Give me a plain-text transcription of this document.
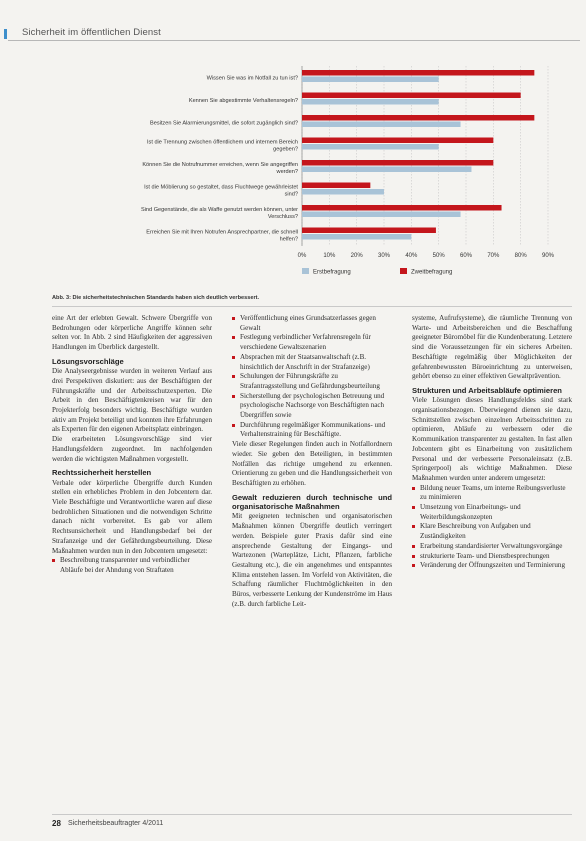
Sicherheit im öffentlichen Dienst
Wissen Sie was im Notfall zu tun ist?
Kennen Sie abgestimmte Verhaltensregeln?
Besitzen Sie Alarmierungsmittel, die sofort zugänglich sind?
Ist die Trennung zwischen öffentlichem und internem Bereich gegeben?
Können Sie die Notrufnummer erreichen, wenn Sie angegriffen werden?
Ist die Möblierung so gestaltet, dass Fluchtwege gewährleistet sind?
Sind Gegenstände, die als Waffe genutzt werden können, unter Verschluss?
Erreichen Sie mit Ihren Notrufen Ansprechpartner, die schnell helfen?
0%	10%	20%	30%	40%	50%	60%	70%	80%	90%
Erstbefragung	Zweitbefragung
Abb. 3: Die sicherheitstechnischen Standards haben sich deutlich verbessert.

eine Art der erlebten Gewalt. Schwere Übergriffe von Bedrohungen oder körperliche Angriffe können sehr selten vor. In Abb. 2 sind Häufigkeiten der aggressiven Handlungen im Überblick dargestellt.

Lösungsvorschläge

Die Analyseergebnisse wurden in weiteren Verlauf aus drei Perspektiven diskutiert: aus der Beschäftigten der Führungskräfte und der Arbeitsschutzexperten. Die Arbeit in den Beschäftigtenkreisen war für den Projekterfolg besonders wichtig. Beschäftigte wurden aktiv am Projekt beteiligt und konnten ihre Erfahrungen als Experten für den eigenen Arbeitsplatz einbringen.

Die erarbeiteten Lösungsvorschläge sind vier Handlungsfeldern zugeordnet. Im nachfolgenden werden die wichtigsten Maßnahmen vorgestellt.

Rechtssicherheit herstellen

Verbale oder körperliche Übergriffe durch Kunden stellen ein erhebliches Problem in den Jobcentern dar. Viele Beschäftigte und Verantwortliche waren auf diese bedrohlichen Situationen und die notwendigen Schritte danach nicht vorbereitet. Es gab vor allem Rechtsunsicherheit und Handlungsbedarf bei der Strafanzeige und der Gefährdungsbeurteilung. Diese Maßnahmen wurden nun in den Jobcentern umgesetzt:

Beschreibung transparenter und verbindlicher Abläufe bei der Ahndung von Straftaten
Veröffentlichung eines Grundsatzerlasses gegen Gewalt
Festlegung verbindlicher Verfahrensregeln für verschiedene Gewaltszenarien
Absprachen mit der Staatsanwaltschaft (z.B. hinsichtlich der Anschrift in der Strafanzeige)
Schulungen der Führungskräfte zu Strafantragsstellung und Gefährdungsbeurteilung
Sicherstellung der psychologischen Betreuung und psychologische Nachsorge von Beschäftigten nach Übergriffen sowie
Durchführung regelmäßiger Kommunikations- und Verhaltenstraining für Beschäftigte.

Viele dieser Regelungen finden auch in Notfallordnern wieder. Sie geben den Beteiligten, in bestimmten Notfällen das richtige umgehend zu erkennen. Orientierung zu geben und die Handlungssicherheit von Beschäftigten zu erhöhen.

Gewalt reduzieren durch technische und organisatorische Maßnahmen

Mit geeigneten technischen und organisatorischen Maßnahmen können Übergriffe deutlich verringert werden. Beispiele guter Praxis dafür sind eine ansprechende Gestaltung der Eingangs- und Wartezonen (Warteplätze, Licht, Pflanzen, farbliche Gestaltung etc.), die ein angenehmes und entspanntes Klima entstehen lassen. Im Vorfeld von Aktivitäten, die Schaffung räumlicher Fluchtmöglichkeiten in den Büros, verbesserte Lenkung der Kundenströme im Haus (z.B. durch farbliche Leit-

systeme, Aufrufsysteme), die räumliche Trennung von Warte- und Arbeitsbereichen und die Beschaffung geeigneter Büromöbel für die Kundenberatung. Letztere sind die Voraussetzungen für ein sicheres Arbeiten. Beschäftigte regelmäßig über Möglichkeiten der gefahrenbewussten Büroeinrichtung zu unterweisen, gehört ebenso zu einer effektiven Gewaltprävention.

Strukturen und Arbeitsabläufe optimieren

Viele Lösungen dieses Handlungsfeldes sind stark organisationsbezogen. Überwiegend dienen sie dazu, Schnittstellen zwischen einzelnen Arbeitsschritten zu optimieren, Abläufe zu verbessern oder die Kommunikation transparenter zu gestalten. In fast allen Jobcentern gibt es Einarbeitung von zusätzlichem Personal und der verbesserte Personaleinsatz (z.B. Springerpool) als wichtige Maßnahmen. Diese Maßnahmen wurden unter anderem umgesetzt:

Bildung neuer Teams, um interne Reibungsverluste zu minimieren
Umsetzung von Einarbeitungs- und Weiterbildungskonzepten
Klare Beschreibung von Aufgaben und Zuständigkeiten
Erarbeitung standardisierter Verwaltungsvorgänge
strukturierte Team- und Dienstbesprechungen
Veränderung der Öffnungszeiten und Terminierung
28 Sicherheitsbeauftragter 4/2011
